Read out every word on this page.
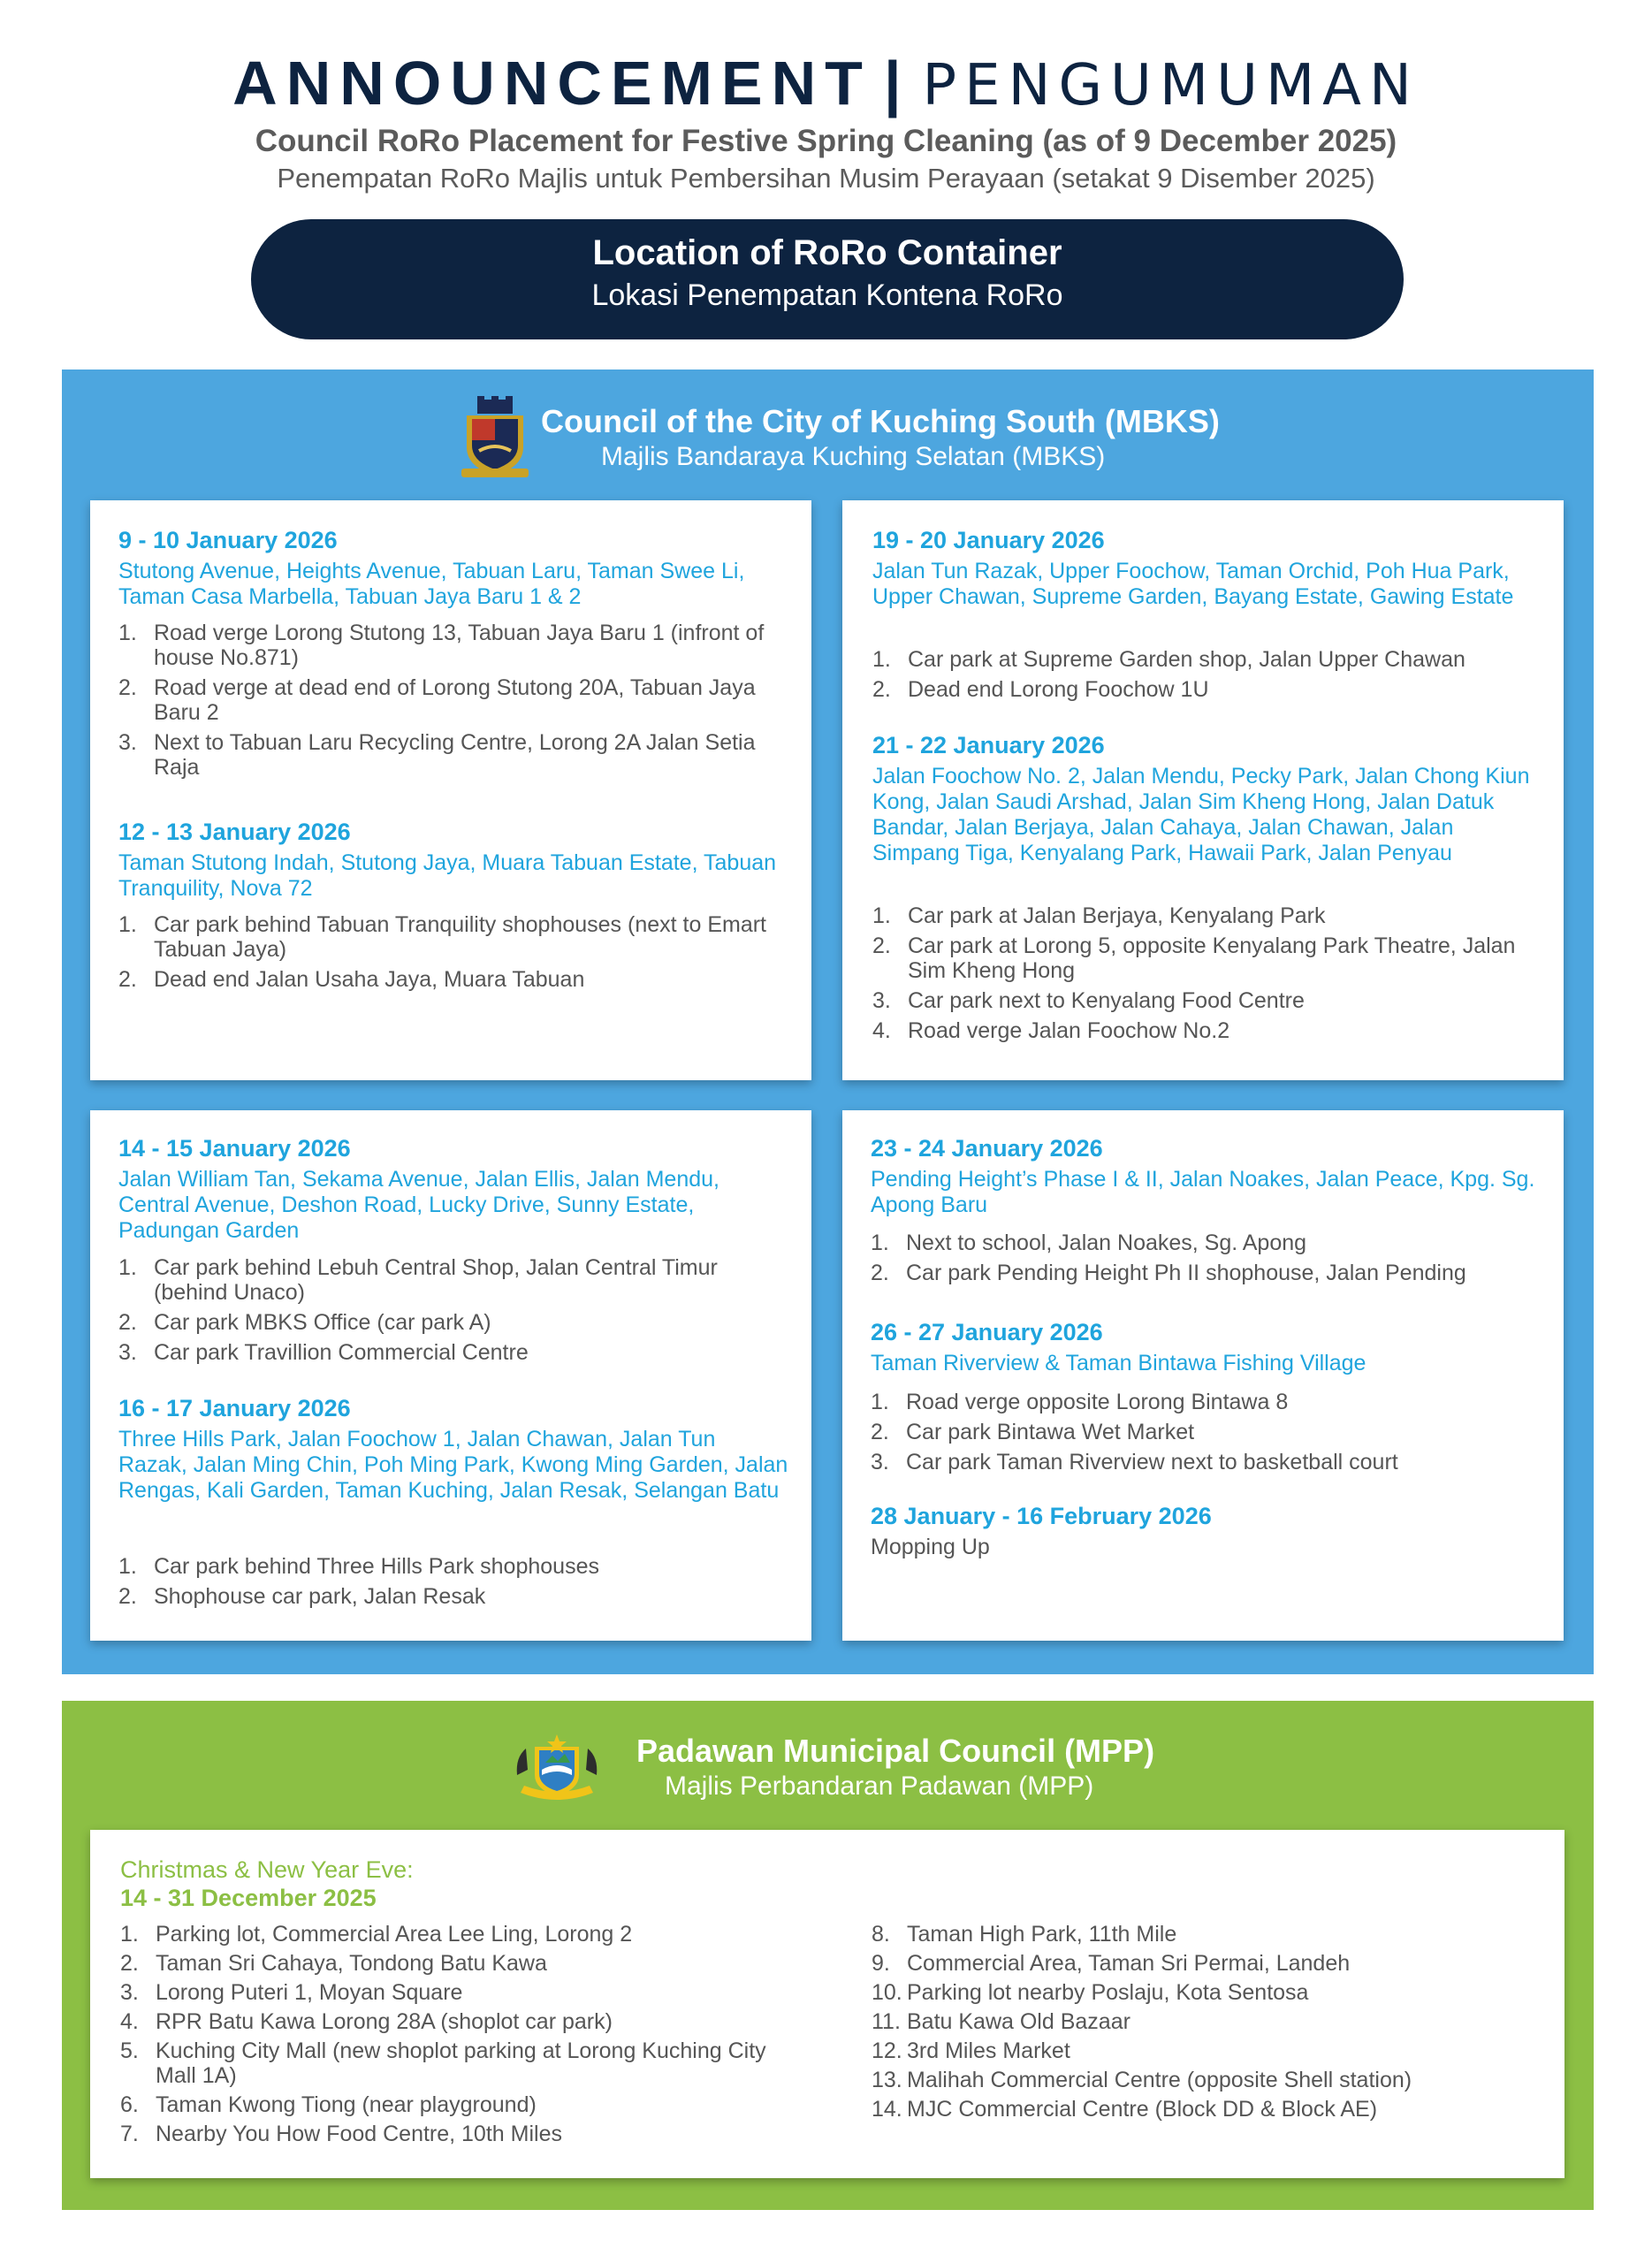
ANNOUNCEMENT | PENGUMUMAN
Council RoRo Placement for Festive Spring Cleaning (as of 9 December 2025)
Penempatan RoRo Majlis untuk Pembersihan Musim Perayaan (setakat 9 Disember 2025)
Location of RoRo Container
Lokasi Penempatan Kontena RoRo
Council of the City of Kuching South (MBKS)
Majlis Bandaraya Kuching Selatan (MBKS)
9 - 10 January 2026
Stutong Avenue, Heights Avenue, Tabuan Laru, Taman Swee Li, Taman Casa Marbella, Tabuan Jaya Baru 1 & 2
1. Road verge Lorong Stutong 13, Tabuan Jaya Baru 1 (infront of house No.871)
2. Road verge at dead end of Lorong Stutong 20A, Tabuan Jaya Baru 2
3. Next to Tabuan Laru Recycling Centre, Lorong 2A Jalan Setia Raja
12 - 13 January 2026
Taman Stutong Indah, Stutong Jaya, Muara Tabuan Estate, Tabuan Tranquility, Nova 72
1. Car park behind Tabuan Tranquility shophouses (next to Emart Tabuan Jaya)
2. Dead end Jalan Usaha Jaya, Muara Tabuan
19 - 20 January 2026
Jalan Tun Razak, Upper Foochow, Taman Orchid, Poh Hua Park, Upper Chawan, Supreme Garden, Bayang Estate, Gawing Estate
1. Car park at Supreme Garden shop, Jalan Upper Chawan
2. Dead end Lorong Foochow 1U
21 - 22 January 2026
Jalan Foochow No. 2, Jalan Mendu, Pecky Park, Jalan Chong Kiun Kong, Jalan Saudi Arshad, Jalan Sim Kheng Hong, Jalan Datuk Bandar, Jalan Berjaya, Jalan Cahaya, Jalan Chawan, Jalan Simpang Tiga, Kenyalang Park, Hawaii Park, Jalan Penyau
1. Car park at Jalan Berjaya, Kenyalang Park
2. Car park at Lorong 5, opposite Kenyalang Park Theatre, Jalan Sim Kheng Hong
3. Car park next to Kenyalang Food Centre
4. Road verge Jalan Foochow No.2
14 - 15 January 2026
Jalan William Tan, Sekama Avenue, Jalan Ellis, Jalan Mendu, Central Avenue, Deshon Road, Lucky Drive, Sunny Estate, Padungan Garden
1. Car park behind Lebuh Central Shop, Jalan Central Timur (behind Unaco)
2. Car park MBKS Office (car park A)
3. Car park Travillion Commercial Centre
16 - 17 January 2026
Three Hills Park, Jalan Foochow 1, Jalan Chawan, Jalan Tun Razak, Jalan Ming Chin, Poh Ming Park, Kwong Ming Garden, Jalan Rengas, Kali Garden, Taman Kuching, Jalan Resak, Selangan Batu
1. Car park behind Three Hills Park shophouses
2. Shophouse car park, Jalan Resak
23 - 24 January 2026
Pending Height’s Phase I & II, Jalan Noakes, Jalan Peace, Kpg. Sg. Apong Baru
1. Next to school, Jalan Noakes, Sg. Apong
2. Car park Pending Height Ph II shophouse, Jalan Pending
26 - 27 January 2026
Taman Riverview & Taman Bintawa Fishing Village
1. Road verge opposite Lorong Bintawa 8
2. Car park Bintawa Wet Market
3. Car park Taman Riverview next to basketball court
28 January - 16 February 2026
Mopping Up
Padawan Municipal Council (MPP)
Majlis Perbandaran Padawan (MPP)
Christmas & New Year Eve:
14 - 31 December 2025
1. Parking lot, Commercial Area Lee Ling, Lorong 2
2. Taman Sri Cahaya, Tondong Batu Kawa
3. Lorong Puteri 1, Moyan Square
4. RPR Batu Kawa Lorong 28A (shoplot car park)
5. Kuching City Mall (new shoplot parking at Lorong Kuching City Mall 1A)
6. Taman Kwong Tiong (near playground)
7. Nearby You How Food Centre, 10th Miles
8. Taman High Park, 11th Mile
9. Commercial Area, Taman Sri Permai, Landeh
10. Parking lot nearby Poslaju, Kota Sentosa
11. Batu Kawa Old Bazaar
12. 3rd Miles Market
13. Malihah Commercial Centre (opposite Shell station)
14. MJC Commercial Centre (Block DD & Block AE)
